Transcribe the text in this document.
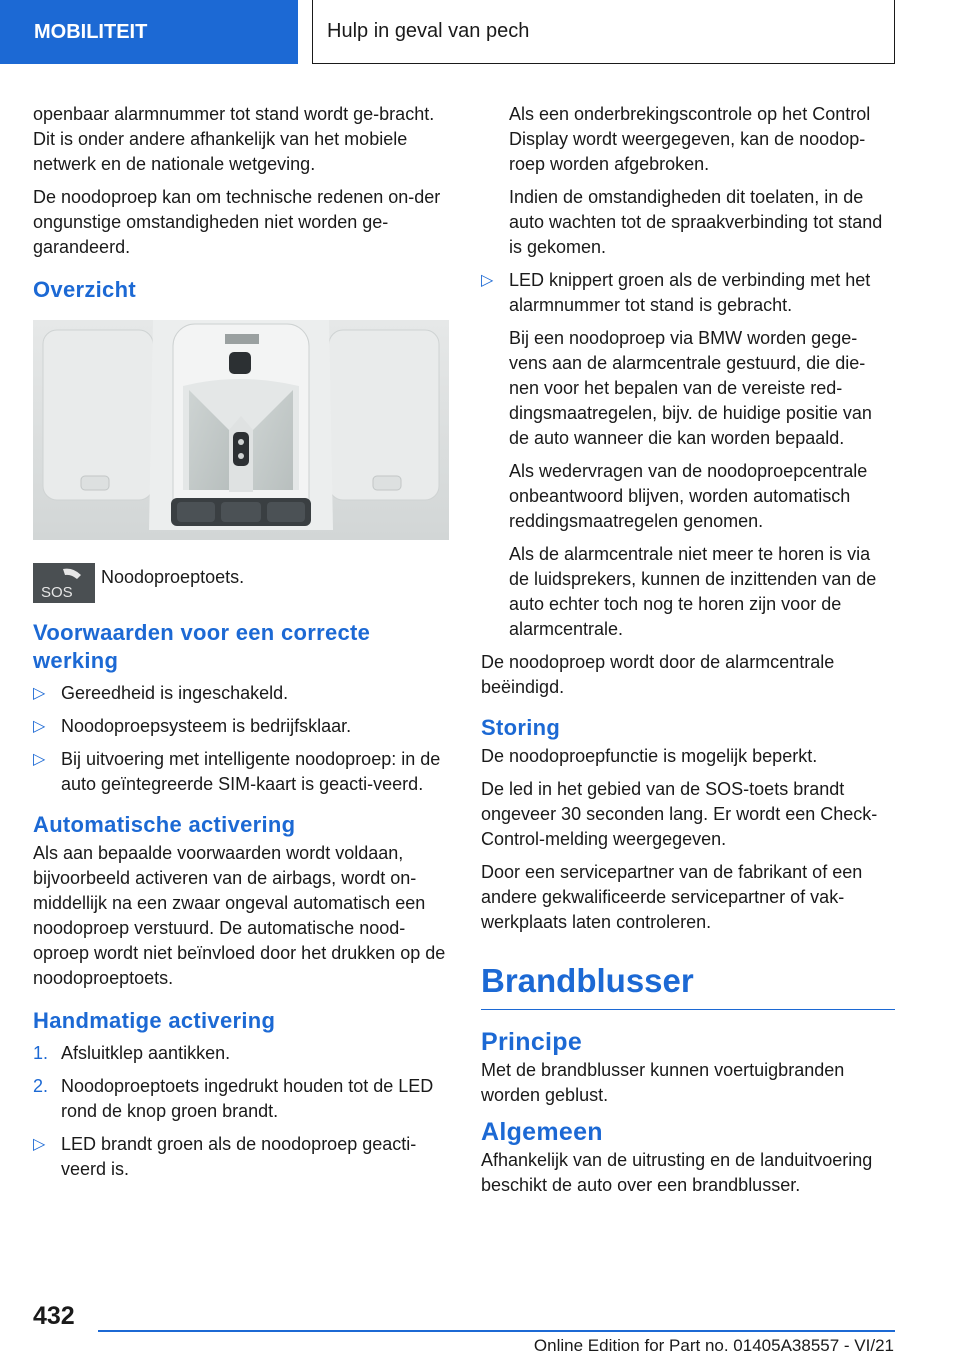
MOBILITEIT	Hulp in geval van pech

openbaar alarmnummer tot stand wordt ge-bracht. Dit is onder andere afhankelijk van het mobiele netwerk en de nationale wetgeving.

De noodoproep kan om technische redenen on-der ongunstige omstandigheden niet worden ge-garandeerd.

Overzicht
SOS
Noodoproeptoets.
Voorwaarden voor een correcte werking
▷ Gereedheid is ingeschakeld.
▷ Noodoproepsysteem is bedrijfsklaar.
▷ Bij uitvoering met intelligente noodoproep: in de auto geïntegreerde SIM-kaart is geacti-veerd.
Automatische activering

Als aan bepaalde voorwaarden wordt voldaan, bijvoorbeeld activeren van de airbags, wordt on-middellijk na een zwaar ongeval automatisch een noodoproep verstuurd. De automatische nood-oproep wordt niet beïnvloed door het drukken op de noodoproeptoets.

Handmatige activering
1. Afsluitklep aantikken.
2. Noodoproeptoets ingedrukt houden tot de LED rond de knop groen brandt.
▷ LED brandt groen als de noodoproep geacti-veerd is.

Als een onderbrekingscontrole op het Control Display wordt weergegeven, kan de noodop-roep worden afgebroken.

Indien de omstandigheden dit toelaten, in de auto wachten tot de spraakverbinding tot stand is gekomen.

▷ LED knippert groen als de verbinding met het alarmnummer tot stand is gebracht.

Bij een noodoproep via BMW worden gege-vens aan de alarmcentrale gestuurd, die die-nen voor het bepalen van de vereiste red-dingsmaatregelen, bijv. de huidige positie van de auto wanneer die kan worden bepaald.

Als wedervragen van de noodoproepcentrale onbeantwoord blijven, worden automatisch reddingsmaatregelen genomen.

Als de alarmcentrale niet meer te horen is via de luidsprekers, kunnen de inzittenden van de auto echter toch nog te horen zijn voor de alarmcentrale.

De noodoproep wordt door de alarmcentrale beëindigd.

Storing

De noodoproepfunctie is mogelijk beperkt.

De led in het gebied van de SOS-toets brandt ongeveer 30 seconden lang. Er wordt een Check-Control-melding weergegeven.

Door een servicepartner van de fabrikant of een andere gekwalificeerde servicepartner of vak-werkplaats laten controleren.

Brandblusser
Principe

Met de brandblusser kunnen voertuigbranden worden geblust.

Algemeen

Afhankelijk van de uitrusting en de landuitvoering beschikt de auto over een brandblusser.

432
Online Edition for Part no. 01405A38557 - VI/21
